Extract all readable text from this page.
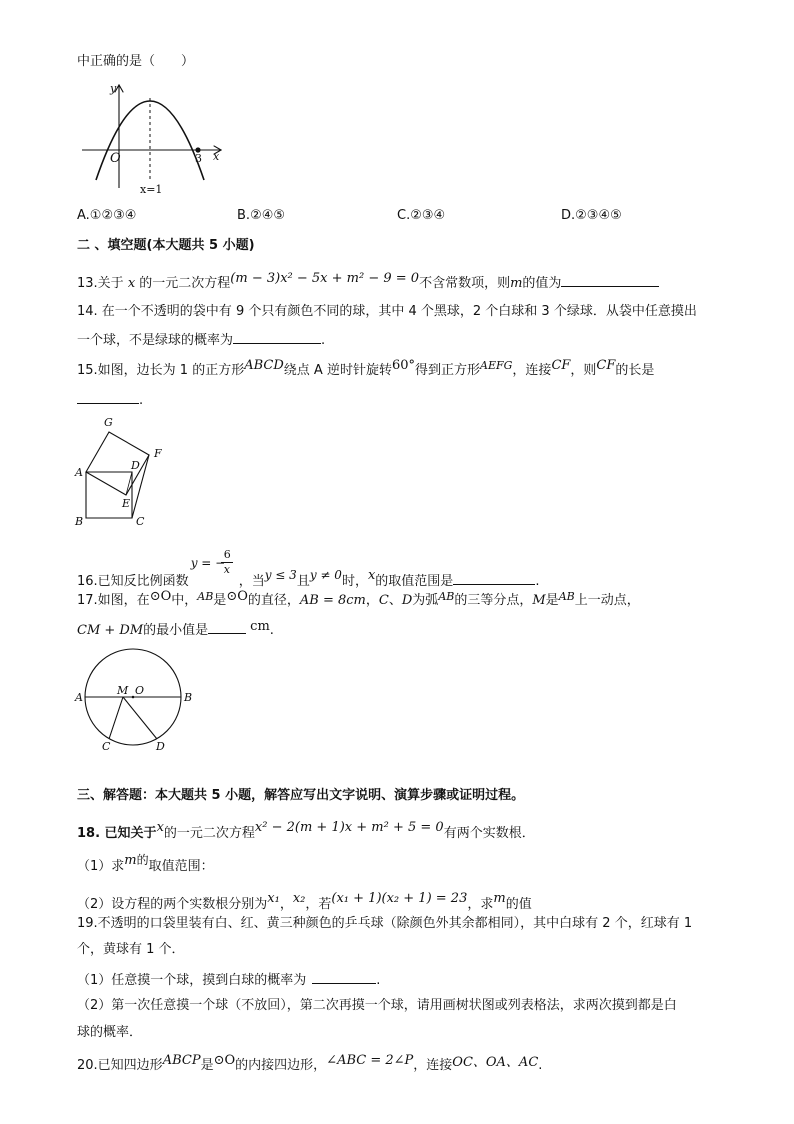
中正确的是（　　）
y
x
O	3
x=1
A.①②③④	B.②④⑤	C.②③④	D.②③④⑤
二 、填空题(本大题共 5 小题)
13.关于 x 的一元二次方程(m − 3)x² − 5x + m² − 9 = 0不含常数项，则m的值为
14. 在一个不透明的袋中有 9 个只有颜色不同的球，其中 4 个黑球，2 个白球和 3 个绿球．从袋中任意摸出
一个球，不是绿球的概率为	.
15.如图，边长为 1 的正方形ABCD绕点 A 逆时针旋转60°得到正方形$^{AEFG}$，连接CF，则CF的长是
.
G
F
A
D
E
B	C
16.已知反比例函数
y = −
6
x
，当y ≤ 3且y ≠ 0时，x的取值范围是	.
17.如图，在⊙O中，$^{AB}$是⊙O的直径，AB = 8cm，C、D为弧$^{AB}$的三等分点，M是$^{AB}$上一动点，
CM + DM的最小值是	cm.
A	B
M O
C	D
三、解答题：本大题共 5 小题，解答应写出文字说明、演算步骤或证明过程。
18. 已知关于x的一元二次方程x² − 2(m + 1)x + m² + 5 = 0有两个实数根．
（1）求m的取值范围：
（2）设方程的两个实数根分别为x₁，x₂，若(x₁ + 1)(x₂ + 1) = 23，求m的值
19.不透明的口袋里装有白、红、黄三种颜色的乒乓球（除颜色外其余都相同），其中白球有 2 个，红球有 1
个，黄球有 1 个．
（1）任意摸一个球，摸到白球的概率为	.
（2）第一次任意摸一个球（不放回），第二次再摸一个球，请用画树状图或列表格法，求两次摸到都是白
球的概率．
20.已知四边形ABCP是⊙O的内接四边形，∠ABC = 2∠P，连接OC、OA、AC.
